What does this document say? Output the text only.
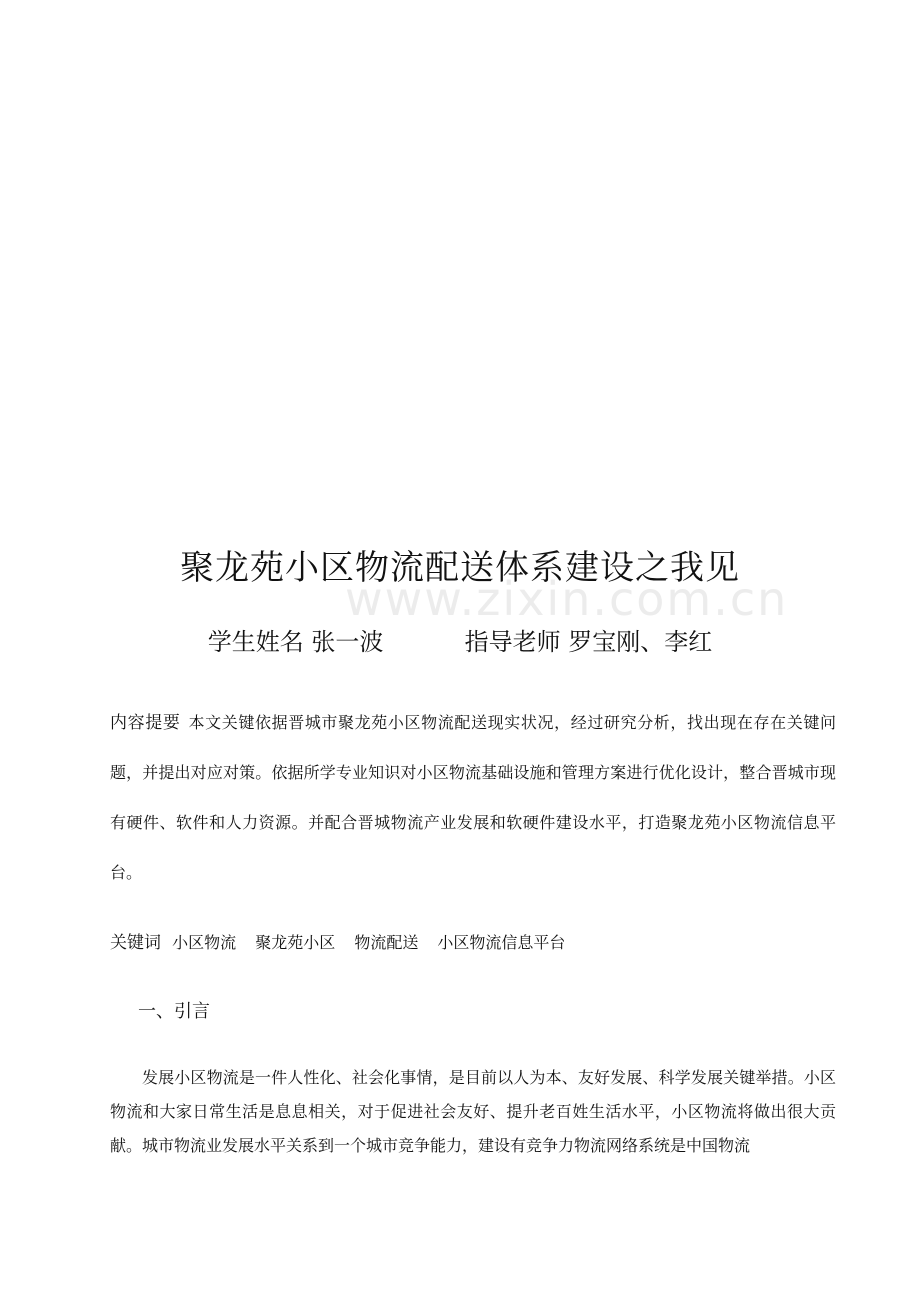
www.zixin.com.cn
聚龙苑小区物流配送体系建设之我见
学生姓名 张一波	指导老师 罗宝刚、李红

内容提要 本文关键依据晋城市聚龙苑小区物流配送现实状况，经过研究分析，找出现在存在关键问题，并提出对应对策。依据所学专业知识对小区物流基础设施和管理方案进行优化设计，整合晋城市现有硬件、软件和人力资源。并配合晋城物流产业发展和软硬件建设水平，打造聚龙苑小区物流信息平台。

关键词 小区物流 聚龙苑小区 物流配送 小区物流信息平台
一、引言

发展小区物流是一件人性化、社会化事情，是目前以人为本、友好发展、科学发展关键举措。小区物流和大家日常生活是息息相关，对于促进社会友好、提升老百姓生活水平，小区物流将做出很大贡献。城市物流业发展水平关系到一个城市竞争能力，建设有竞争力物流网络系统是中国物流
